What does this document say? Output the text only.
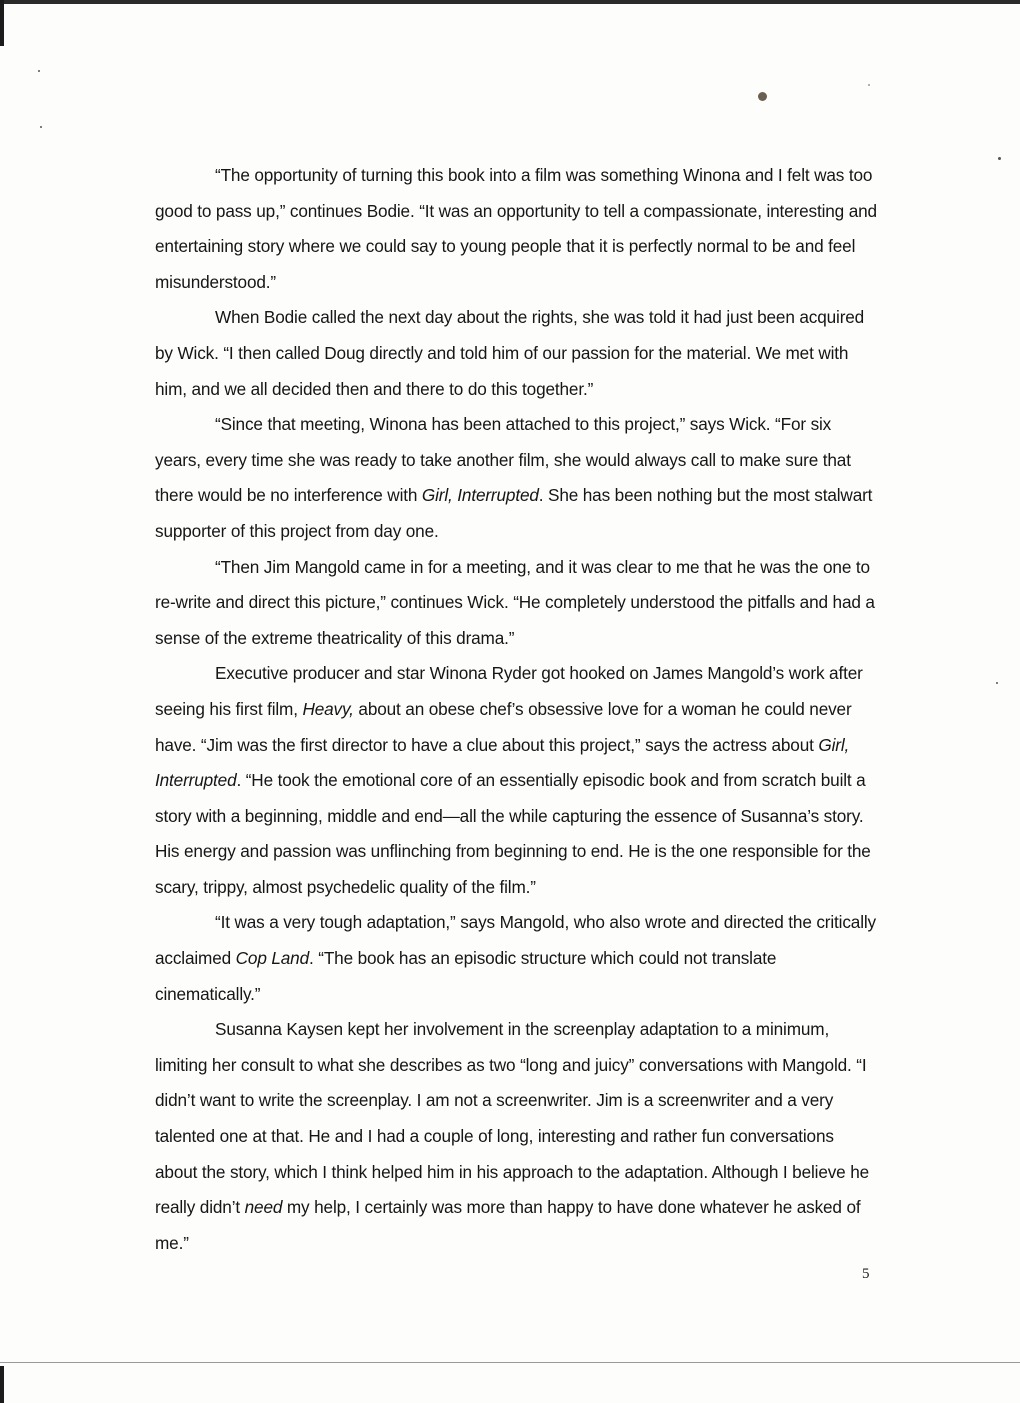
“The opportunity of turning this book into a film was something Winona and I felt was too good to pass up,” continues Bodie. “It was an opportunity to tell a compassionate, interesting and entertaining story where we could say to young people that it is perfectly normal to be and feel misunderstood.”

When Bodie called the next day about the rights, she was told it had just been acquired by Wick. “I then called Doug directly and told him of our passion for the material. We met with him, and we all decided then and there to do this together.”

“Since that meeting, Winona has been attached to this project,” says Wick. “For six years, every time she was ready to take another film, she would always call to make sure that there would be no interference with Girl, Interrupted. She has been nothing but the most stalwart supporter of this project from day one.

“Then Jim Mangold came in for a meeting, and it was clear to me that he was the one to re-write and direct this picture,” continues Wick. “He completely understood the pitfalls and had a sense of the extreme theatricality of this drama.”

Executive producer and star Winona Ryder got hooked on James Mangold’s work after seeing his first film, Heavy, about an obese chef’s obsessive love for a woman he could never have. “Jim was the first director to have a clue about this project,” says the actress about Girl, Interrupted. “He took the emotional core of an essentially episodic book and from scratch built a story with a beginning, middle and end—all the while capturing the essence of Susanna’s story. His energy and passion was unflinching from beginning to end. He is the one responsible for the scary, trippy, almost psychedelic quality of the film.”

“It was a very tough adaptation,” says Mangold, who also wrote and directed the critically acclaimed Cop Land. “The book has an episodic structure which could not translate cinematically.”

Susanna Kaysen kept her involvement in the screenplay adaptation to a minimum, limiting her consult to what she describes as two “long and juicy” conversations with Mangold. “I didn’t want to write the screenplay. I am not a screenwriter. Jim is a screenwriter and a very talented one at that. He and I had a couple of long, interesting and rather fun conversations about the story, which I think helped him in his approach to the adaptation. Although I believe he really didn’t need my help, I certainly was more than happy to have done whatever he asked of me.”

5
